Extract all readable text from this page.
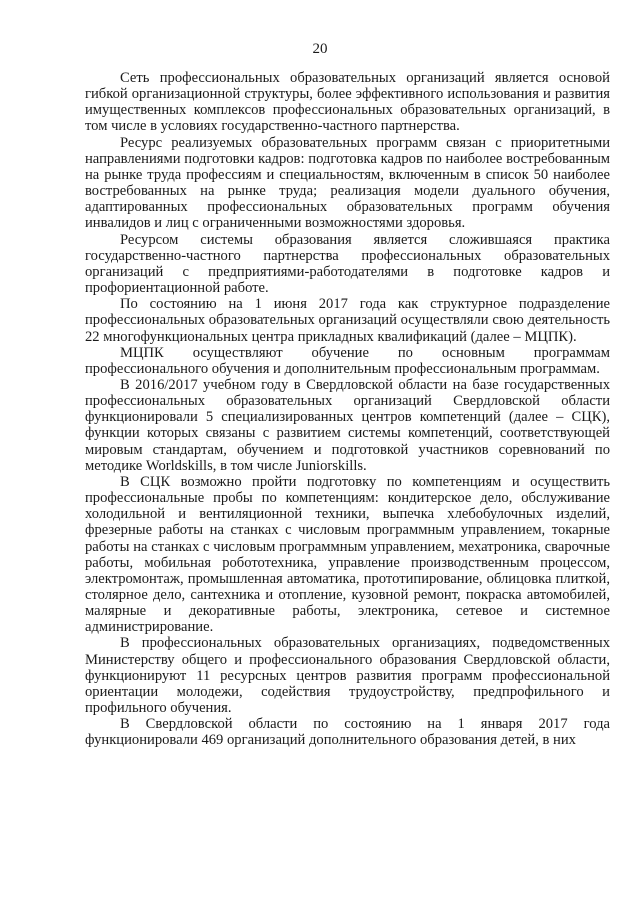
20

Сеть профессиональных образовательных организаций является основой гибкой организационной структуры, более эффективного использования и развития имущественных комплексов профессиональных образовательных организаций, в том числе в условиях государственно-частного партнерства.

Ресурс реализуемых образовательных программ связан с приоритетными направлениями подготовки кадров: подготовка кадров по наиболее востребованным на рынке труда профессиям и специальностям, включенным в список 50 наиболее востребованных на рынке труда; реализация модели дуального обучения, адаптированных профессиональных образовательных программ обучения инвалидов и лиц с ограниченными возможностями здоровья.

Ресурсом системы образования является сложившаяся практика государственно-частного партнерства профессиональных образовательных организаций с предприятиями-работодателями в подготовке кадров и профориентационной работе.

По состоянию на 1 июня 2017 года как структурное подразделение профессиональных образовательных организаций осуществляли свою деятельность 22 многофункциональных центра прикладных квалификаций (далее – МЦПК).

МЦПК осуществляют обучение по основным программам профессионального обучения и дополнительным профессиональным программам.

В 2016/2017 учебном году в Свердловской области на базе государственных профессиональных образовательных организаций Свердловской области функционировали 5 специализированных центров компетенций (далее – СЦК), функции которых связаны с развитием системы компетенций, соответствующей мировым стандартам, обучением и подготовкой участников соревнований по методике Worldskills, в том числе Juniorskills.

В СЦК возможно пройти подготовку по компетенциям и осуществить профессиональные пробы по компетенциям: кондитерское дело, обслуживание холодильной и вентиляционной техники, выпечка хлебобулочных изделий, фрезерные работы на станках с числовым программным управлением, токарные работы на станках с числовым программным управлением, мехатроника, сварочные работы, мобильная робототехника, управление производственным процессом, электромонтаж, промышленная автоматика, прототипирование, облицовка плиткой, столярное дело, сантехника и отопление, кузовной ремонт, покраска автомобилей, малярные и декоративные работы, электроника, сетевое и системное администрирование.

В профессиональных образовательных организациях, подведомственных Министерству общего и профессионального образования Свердловской области, функционируют 11 ресурсных центров развития программ профессиональной ориентации молодежи, содействия трудоустройству, предпрофильного и профильного обучения.

В Свердловской области по состоянию на 1 января 2017 года функционировали 469 организаций дополнительного образования детей, в них
